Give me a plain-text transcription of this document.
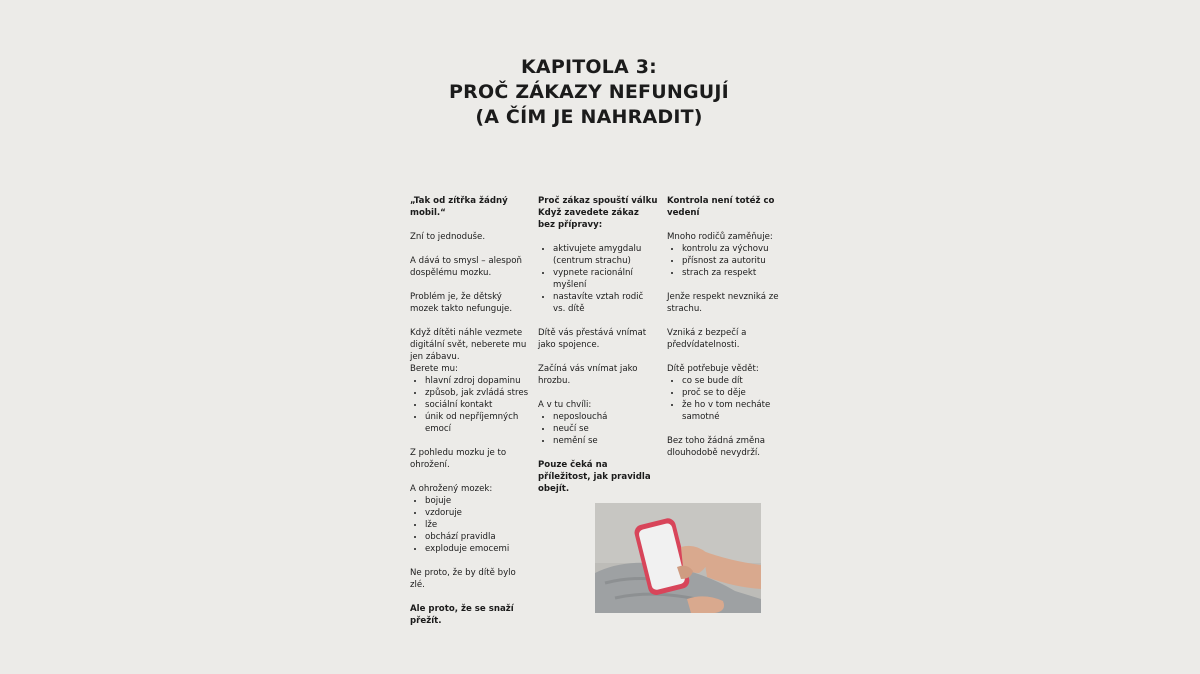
KAPITOLA 3:
PROČ ZÁKAZY NEFUNGUJÍ
(A ČÍM JE NAHRADIT)

„Tak od zítřka žádný mobil.“

Zní to jednoduše.

A dává to smysl – alespoň dospělému mozku.

Problém je, že dětský mozek takto nefunguje.

Když dítěti náhle vezmete digitální svět, neberete mu jen zábavu.

Berete mu:

• hlavní zdroj dopaminu
• způsob, jak zvládá stres
• sociální kontakt
• únik od nepříjemných emocí

Z pohledu mozku je to ohrožení.

A ohrožený mozek:

• bojuje
• vzdoruje
• lže
• obchází pravidla
• exploduje emocemi

Ne proto, že by dítě bylo zlé.

Ale proto, že se snaží přežít.

Proč zákaz spouští válku

Když zavedete zákaz bez přípravy:

• aktivujete amygdalu (centrum strachu)
• vypnete racionální myšlení
• nastavíte vztah rodič vs. dítě

Dítě vás přestává vnímat jako spojence.

Začíná vás vnímat jako hrozbu.

A v tu chvíli:

• neposlouchá
• neučí se
• nemění se

Pouze čeká na příležitost, jak pravidla obejít.

Kontrola není totéž co vedení

Mnoho rodičů zaměňuje:

• kontrolu za výchovu
• přísnost za autoritu
• strach za respekt

Jenže respekt nevzniká ze strachu.

Vzniká z bezpečí a předvídatelnosti.

Dítě potřebuje vědět:

• co se bude dít
• proč se to děje
• že ho v tom necháte samotné

Bez toho žádná změna dlouhodobě nevydrží.
